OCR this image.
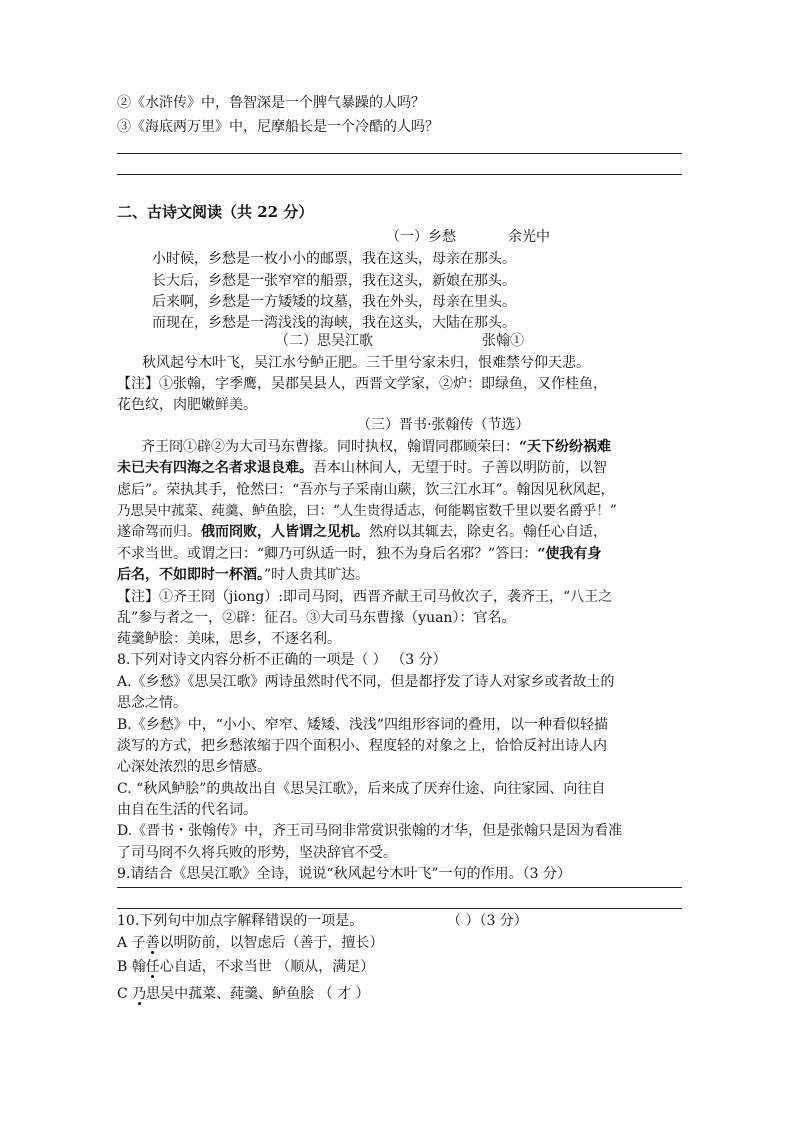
②《水浒传》中，鲁智深是一个脾气暴躁的人吗？
③《海底两万里》中，尼摩船长是一个冷酷的人吗？
二、古诗文阅读（共 22 分）
（一）乡愁	余光中
小时候，乡愁是一枚小小的邮票，我在这头，母亲在那头。
长大后，乡愁是一张窄窄的船票，我在这头，新娘在那头。
后来啊，乡愁是一方矮矮的坟墓，我在外头，母亲在里头。
而现在，乡愁是一湾浅浅的海峡，我在这头，大陆在那头。
（二）思吴江歌	张翰①
秋风起兮木叶飞，吴江水兮鲈正肥。三千里兮家未归，恨难禁兮仰天悲。
【注】①张翰，字季鹰，吴郡吴县人，西晋文学家，②炉：即绿鱼，又作桂鱼，
花色纹，肉肥嫩鲜美。
（三）晋书·张翰传（节选）
齐王冏①辟②为大司马东曹掾。同时执权，翰谓同郡顾荣曰：“天下纷纷祸难
未已夫有四海之名者求退良难。吾本山林间人，无望于时。子善以明防前，以智
虑后”。荣执其手，怆然曰：“吾亦与子采南山蕨，饮三江水耳”。翰因见秋风起，
乃思吴中菰菜、莼羹、鲈鱼脍，曰：“人生贵得适志，何能羁宦数千里以要名爵乎！”
遂命驾而归。俄而冏败，人皆谓之见机。然府以其辄去，除吏名。翰任心自适，
不求当世。或谓之曰：“卿乃可纵适一时，独不为身后名邪？”答曰：“使我有身
后名，不如即时一杯酒。”时人贵其旷达。
【注】①齐王冏（jiong）:即司马冏，西晋齐献王司马攸次子，袭齐王，“八王之
乱”参与者之一，②辟：征召。③大司马东曹掾（yuan）：官名。
莼羹鲈脍：美味，思乡，不逐名利。
8.下列对诗文内容分析不正确的一项是（ ） （3 分）
A.《乡愁》《思吴江歌》两诗虽然时代不同，但是都抒发了诗人对家乡或者故土的
思念之情。
B.《乡愁》中，“小小、窄窄、矮矮、浅浅”四组形容词的叠用，以一种看似轻描
淡写的方式，把乡愁浓缩于四个面积小、程度轻的对象之上，恰恰反衬出诗人内
心深处浓烈的思乡情感。
C. “秋风鲈脍”的典故出自《思吴江歌》，后来成了厌弃仕途、向往家园、向往自
由自在生活的代名词。
D.《晋书・张翰传》中，齐王司马冏非常赏识张翰的才华，但是张翰只是因为看准
了司马冏不久将兵败的形势，坚决辞官不受。
9.请结合《思吴江歌》全诗，说说“秋风起兮木叶飞”一句的作用。（3 分）
10.下列句中加点字解释错误的一项是。	（ ）（3 分）
A 子善以明防前，以智虑后（善于，擅长）
B 翰任心自适，不求当世 （顺从，满足）
C 乃思吴中菰菜、莼羹、鲈鱼脍 （ 才 ）
